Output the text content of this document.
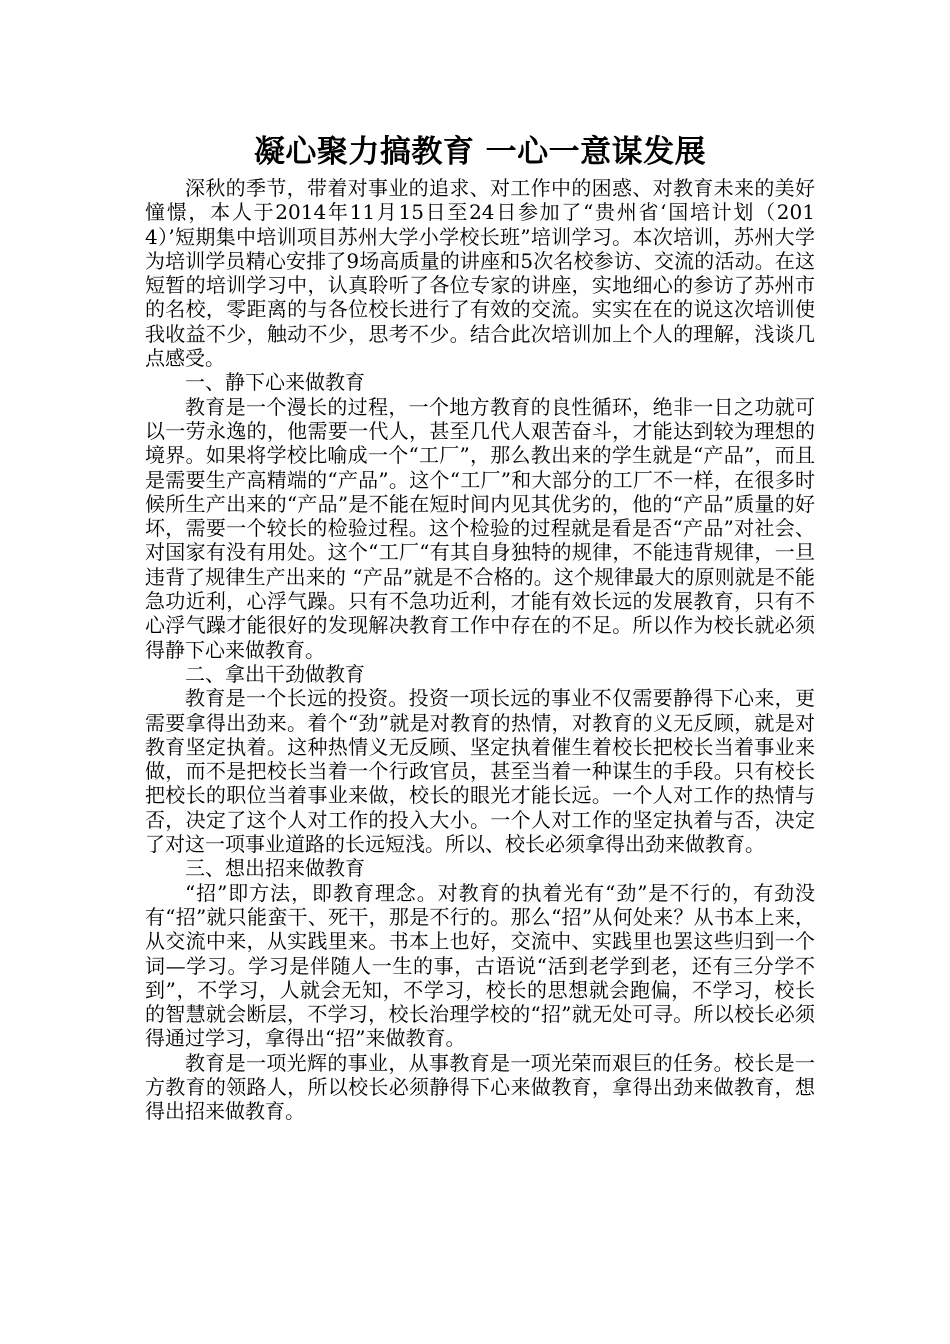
凝心聚力搞教育 一心一意谋发展

深秋的季节，带着对事业的追求、对工作中的困惑、对教育未来的美好憧憬，本人于2014年11月15日至24日参加了“贵州省‘国培计划（2014）’短期集中培训项目苏州大学小学校长班”培训学习。本次培训，苏州大学为培训学员精心安排了9场高质量的讲座和5次名校参访、交流的活动。在这短暂的培训学习中，认真聆听了各位专家的讲座，实地细心的参访了苏州市的名校，零距离的与各位校长进行了有效的交流。实实在在的说这次培训使我收益不少，触动不少，思考不少。结合此次培训加上个人的理解，浅谈几点感受。

一、静下心来做教育

教育是一个漫长的过程，一个地方教育的良性循环，绝非一日之功就可以一劳永逸的，他需要一代人，甚至几代人艰苦奋斗，才能达到较为理想的境界。如果将学校比喻成一个“工厂”，那么教出来的学生就是“产品”，而且是需要生产高精端的“产品”。这个“工厂”和大部分的工厂不一样，在很多时候所生产出来的“产品”是不能在短时间内见其优劣的，他的“产品”质量的好坏，需要一个较长的检验过程。这个检验的过程就是看是否“产品”对社会、对国家有没有用处。这个“工厂“有其自身独特的规律，不能违背规律，一旦违背了规律生产出来的 “产品”就是不合格的。这个规律最大的原则就是不能急功近利，心浮气躁。只有不急功近利，才能有效长远的发展教育，只有不心浮气躁才能很好的发现解决教育工作中存在的不足。所以作为校长就必须得静下心来做教育。

二、拿出干劲做教育

教育是一个长远的投资。投资一项长远的事业不仅需要静得下心来，更需要拿得出劲来。着个“劲”就是对教育的热情，对教育的义无反顾，就是对教育坚定执着。这种热情义无反顾、坚定执着催生着校长把校长当着事业来做，而不是把校长当着一个行政官员，甚至当着一种谋生的手段。只有校长把校长的职位当着事业来做，校长的眼光才能长远。一个人对工作的热情与否，决定了这个人对工作的投入大小。一个人对工作的坚定执着与否，决定了对这一项事业道路的长远短浅。所以、校长必须拿得出劲来做教育。

三、想出招来做教育

“招”即方法，即教育理念。对教育的执着光有“劲”是不行的，有劲没有“招”就只能蛮干、死干，那是不行的。那么“招”从何处来？从书本上来，从交流中来，从实践里来。书本上也好，交流中、实践里也罢这些归到一个词—学习。学习是伴随人一生的事，古语说“活到老学到老，还有三分学不到”，不学习，人就会无知，不学习，校长的思想就会跑偏，不学习，校长的智慧就会断层，不学习，校长治理学校的“招”就无处可寻。所以校长必须得通过学习，拿得出“招”来做教育。

教育是一项光辉的事业，从事教育是一项光荣而艰巨的任务。校长是一方教育的领路人，所以校长必须静得下心来做教育，拿得出劲来做教育，想得出招来做教育。
